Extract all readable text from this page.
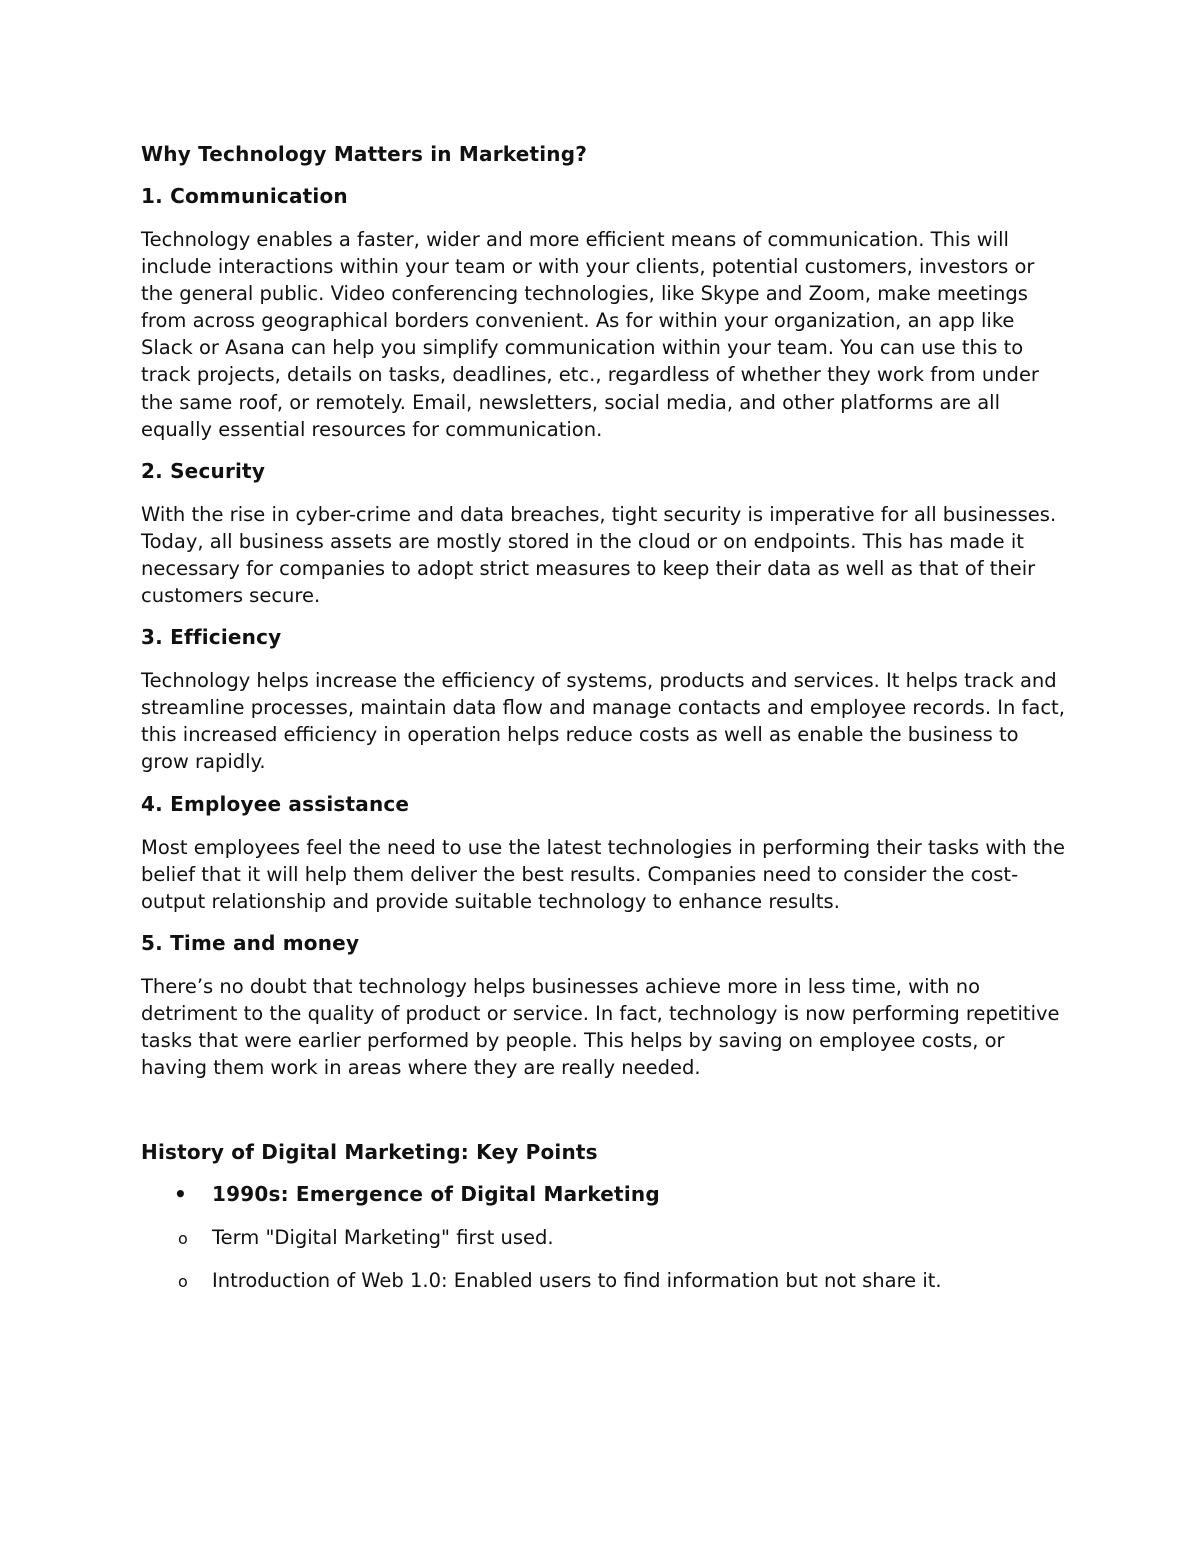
Why Technology Matters in Marketing?

1. Communication

Technology enables a faster, wider and more efficient means of communication. This will include interactions within your team or with your clients, potential customers, investors or the general public. Video conferencing technologies, like Skype and Zoom, make meetings from across geographical borders convenient. As for within your organization, an app like Slack or Asana can help you simplify communication within your team. You can use this to track projects, details on tasks, deadlines, etc., regardless of whether they work from under the same roof, or remotely. Email, newsletters, social media, and other platforms are all equally essential resources for communication.

2. Security

With the rise in cyber-crime and data breaches, tight security is imperative for all businesses. Today, all business assets are mostly stored in the cloud or on endpoints. This has made it necessary for companies to adopt strict measures to keep their data as well as that of their customers secure.

3. Efficiency

Technology helps increase the efficiency of systems, products and services. It helps track and streamline processes, maintain data flow and manage contacts and employee records. In fact, this increased efficiency in operation helps reduce costs as well as enable the business to grow rapidly.

4. Employee assistance

Most employees feel the need to use the latest technologies in performing their tasks with the belief that it will help them deliver the best results. Companies need to consider the cost-output relationship and provide suitable technology to enhance results.

5. Time and money

There’s no doubt that technology helps businesses achieve more in less time, with no detriment to the quality of product or service. In fact, technology is now performing repetitive tasks that were earlier performed by people. This helps by saving on employee costs, or having them work in areas where they are really needed.

History of Digital Marketing: Key Points

• 1990s: Emergence of Digital Marketing
o Term "Digital Marketing" first used.
o Introduction of Web 1.0: Enabled users to find information but not share it.
